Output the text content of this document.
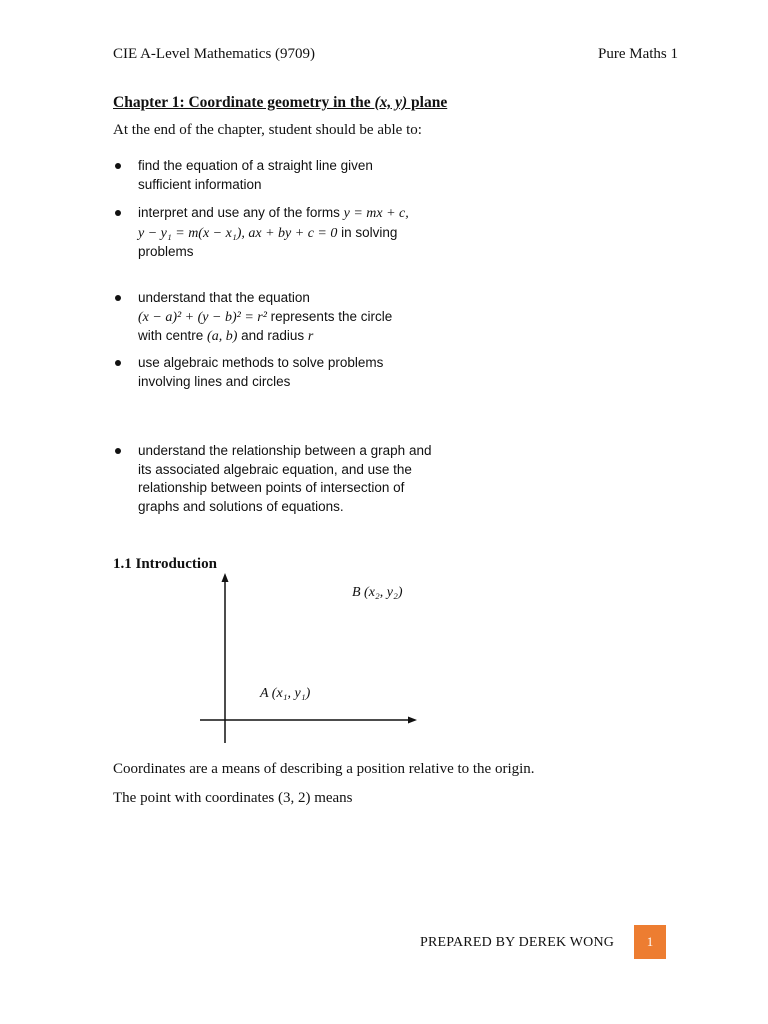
CIE A-Level Mathematics (9709)	Pure Maths 1
Chapter 1: Coordinate geometry in the (x, y) plane
At the end of the chapter, student should be able to:
find the equation of a straight line given
sufficient information
interpret and use any of the forms y = mx + c,
y − y₁ = m(x − x₁), ax + by + c = 0 in solving
problems
understand that the equation
(x − a)² + (y − b)² = r² represents the circle
with centre (a, b) and radius r
use algebraic methods to solve problems
involving lines and circles
understand the relationship between a graph and
its associated algebraic equation, and use the
relationship between points of intersection of
graphs and solutions of equations.
1.1 Introduction
B (x₂, y₂)
A (x₁, y₁)
Coordinates are a means of describing a position relative to the origin.
The point with coordinates (3, 2) means
PREPARED BY DEREK WONG	1
